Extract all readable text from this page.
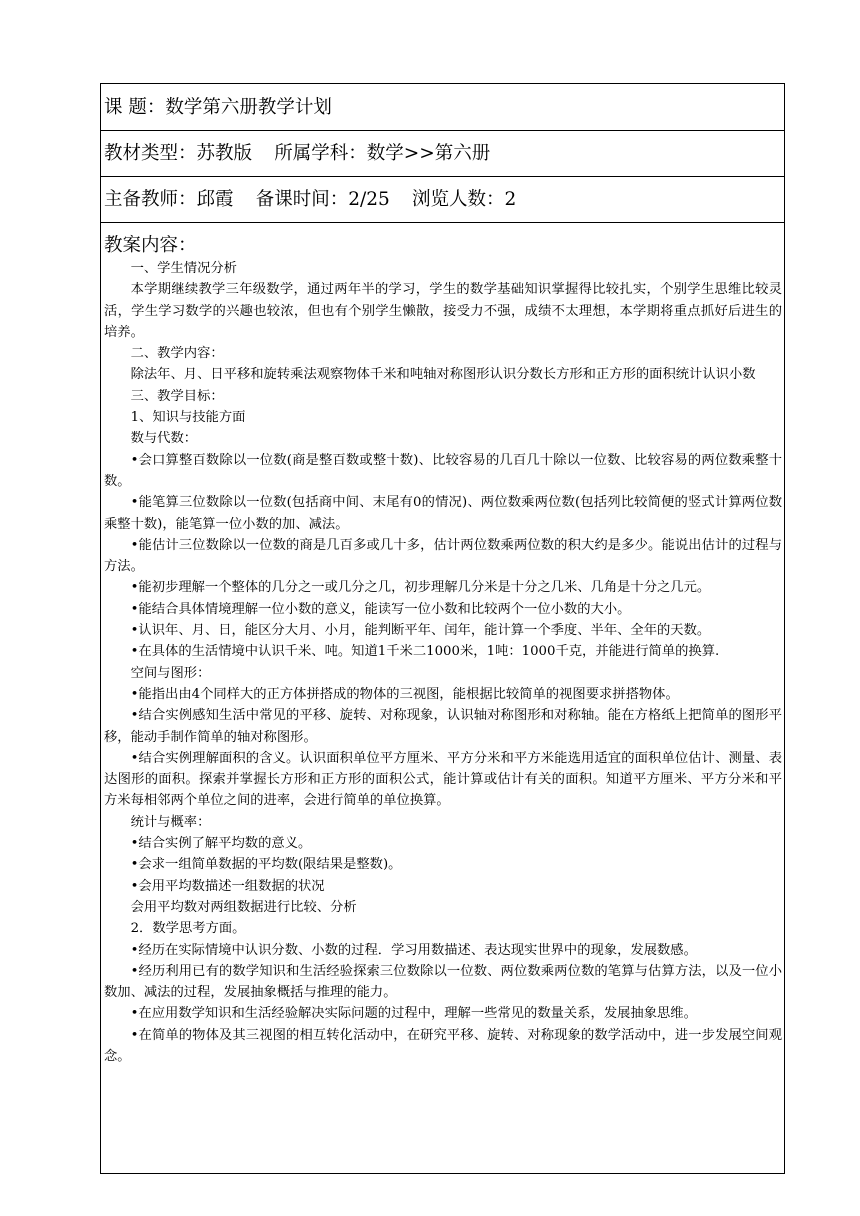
课 题：数学第六册教学计划
教材类型：苏教版 所属学科：数学>>第六册
主备教师：邱霞 备课时间：2/25 浏览人数：2
教案内容：

一、学生情况分析

本学期继续教学三年级数学，通过两年半的学习，学生的数学基础知识掌握得比较扎实，个别学生思维比较灵活，学生学习数学的兴趣也较浓，但也有个别学生懒散，接受力不强，成绩不太理想，本学期将重点抓好后进生的培养。

二、教学内容：

除法年、月、日平移和旋转乘法观察物体千米和吨轴对称图形认识分数长方形和正方形的面积统计认识小数

三、教学目标：

1、知识与技能方面

数与代数：

•会口算整百数除以一位数(商是整百数或整十数)、比较容易的几百几十除以一位数、比较容易的两位数乘整十数。

•能笔算三位数除以一位数(包括商中间、末尾有0的情况)、两位数乘两位数(包括列比较简便的竖式计算两位数乘整十数)，能笔算一位小数的加、减法。

•能估计三位数除以一位数的商是几百多或几十多，估计两位数乘两位数的积大约是多少。能说出估计的过程与方法。

•能初步理解一个整体的几分之一或几分之几，初步理解几分米是十分之几米、几角是十分之几元。

•能结合具体情境理解一位小数的意义，能读写一位小数和比较两个一位小数的大小。

•认识年、月、日，能区分大月、小月，能判断平年、闰年，能计算一个季度、半年、全年的天数。

•在具体的生活情境中认识千米、吨。知道1千米二1000米，1吨：1000千克，并能进行简单的换算.

空间与图形：

•能指出由4个同样大的正方体拼搭成的物体的三视图，能根据比较简单的视图要求拼搭物体。

•结合实例感知生活中常见的平移、旋转、对称现象，认识轴对称图形和对称轴。能在方格纸上把简单的图形平移，能动手制作简单的轴对称图形。

•结合实例理解面积的含义。认识面积单位平方厘米、平方分米和平方米能选用适宜的面积单位估计、测量、表达图形的面积。探索并掌握长方形和正方形的面积公式，能计算或估计有关的面积。知道平方厘米、平方分米和平方米每相邻两个单位之间的进率，会进行简单的单位换算。

统计与概率：

•结合实例了解平均数的意义。

•会求一组简单数据的平均数(限结果是整数)。

•会用平均数描述一组数据的状况

会用平均数对两组数据进行比较、分析

2．数学思考方面。

•经历在实际情境中认识分数、小数的过程．学习用数描述、表达现实世界中的现象，发展数感。

•经历利用已有的数学知识和生活经验探索三位数除以一位数、两位数乘两位数的笔算与估算方法，以及一位小数加、减法的过程，发展抽象概括与推理的能力。

•在应用数学知识和生活经验解决实际问题的过程中，理解一些常见的数量关系，发展抽象思维。

•在简单的物体及其三视图的相互转化活动中，在研究平移、旋转、对称现象的数学活动中，进一步发展空间观念。
